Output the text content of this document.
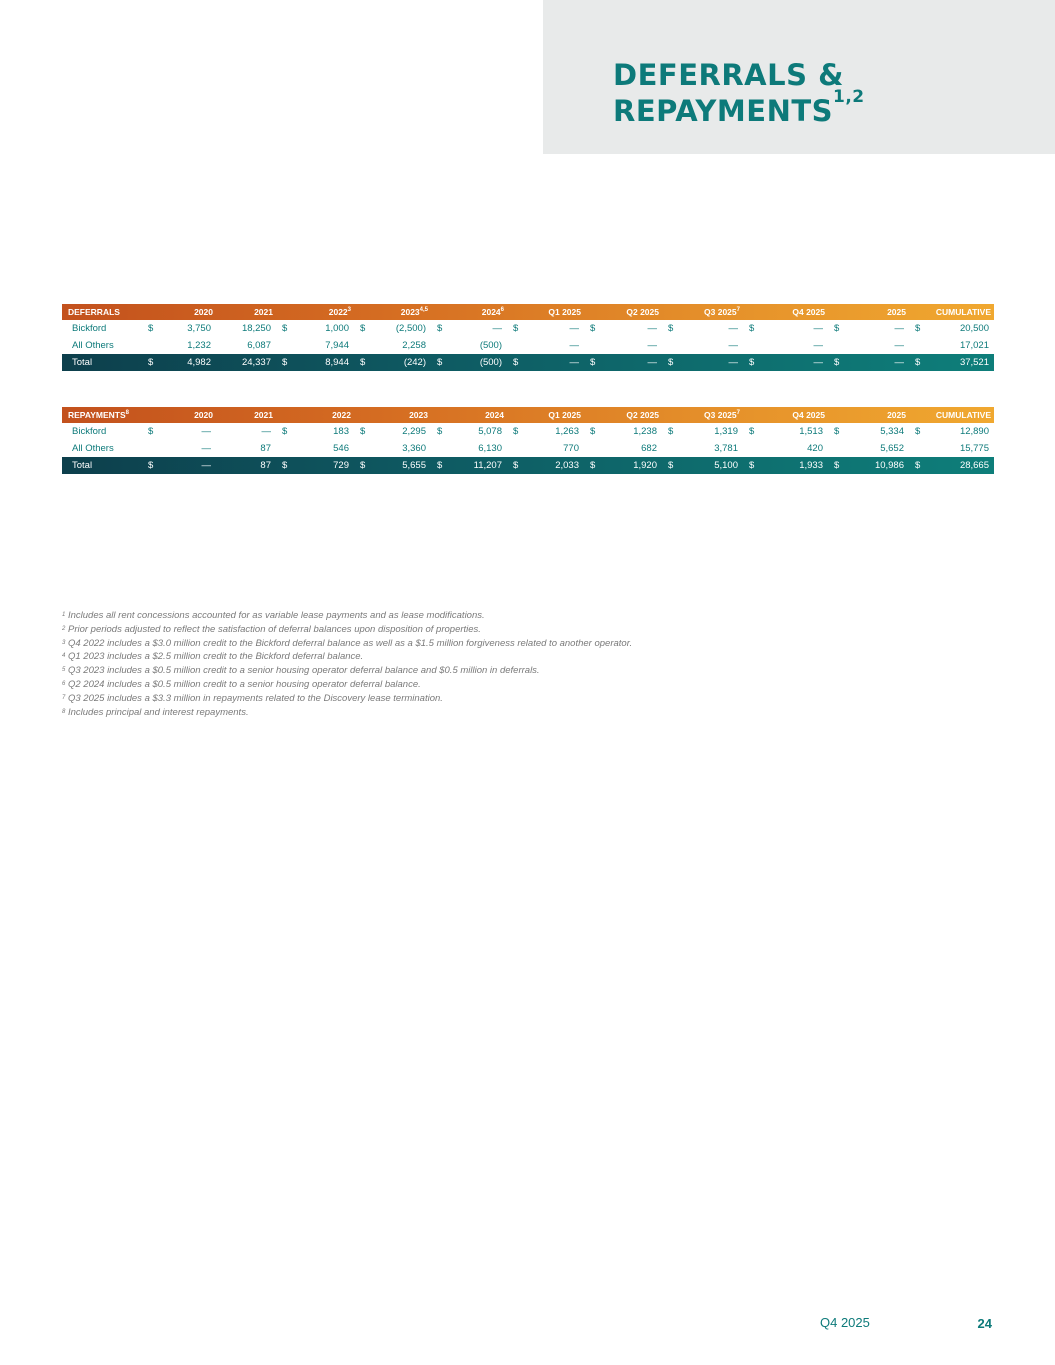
DEFERRALS &
REPAYMENTS$^{1,2}$
DEFERRALS	2020	2021	2022$^3$	2023$^{4,5}$	2024$^6$	Q1 2025	Q2 2025	Q3 2025$^7$	Q4 2025	2025	CUMULATIVE
Bickford	$ 3,750	18,250	$ 1,000	$ (2,500)	$ —	$ —	$ —	$ —	$ —	$ —	$ 20,500
All Others	1,232	6,087	7,944	2,258	(500)	—	—	—	—	—	17,021
Total	$ 4,982	24,337	$ 8,944	$ (242)	$ (500)	$ —	$ —	$ —	$ —	$ —	$ 37,521
REPAYMENTS$^8$	2020	2021	2022	2023	2024	Q1 2025	Q2 2025	Q3 2025$^7$	Q4 2025	2025	CUMULATIVE
Bickford	$ —	—	$ 183	$ 2,295	$ 5,078	$ 1,263	$ 1,238	$ 1,319	$ 1,513	$ 5,334	$ 12,890
All Others	—	87	546	3,360	6,130	770	682	3,781	420	5,652	15,775
Total	$ —	87	$ 729	$ 5,655	$ 11,207	$ 2,033	$ 1,920	$ 5,100	$ 1,933	$ 10,986	$ 28,665
$^1$ Includes all rent concessions accounted for as variable lease payments and as lease modifications.
$^2$ Prior periods adjusted to reflect the satisfaction of deferral balances upon disposition of properties.
$^3$ Q4 2022 includes a $3.0 million credit to the Bickford deferral balance as well as a $1.5 million forgiveness related to another operator.
$^4$ Q1 2023 includes a $2.5 million credit to the Bickford deferral balance.
$^5$ Q3 2023 includes a $0.5 million credit to a senior housing operator deferral balance and $0.5 million in deferrals.
$^6$ Q2 2024 includes a $0.5 million credit to a senior housing operator deferral balance.
$^7$ Q3 2025 includes a $3.3 million in repayments related to the Discovery lease termination.
$^8$ Includes principal and interest repayments.
Q4 2025	24
